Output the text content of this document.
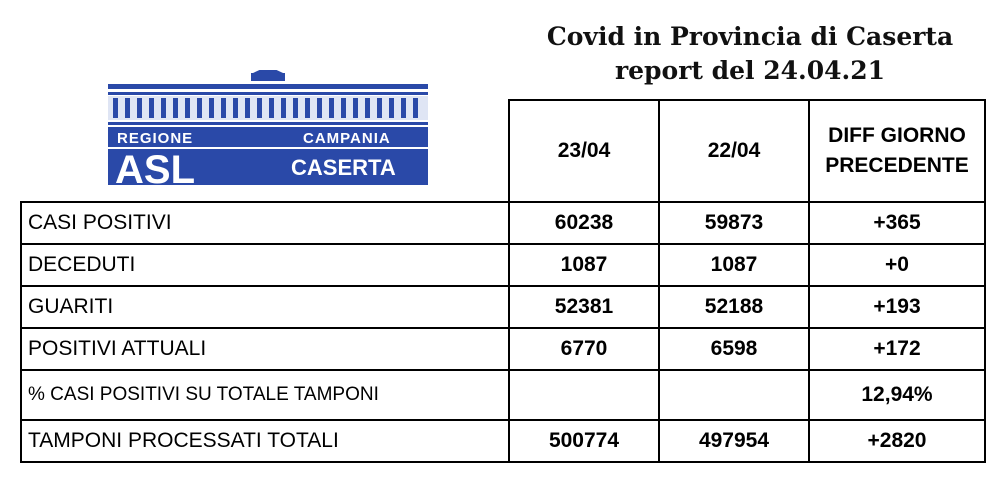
Covid in Provincia di Caserta
report del 24.04.21
REGIONE	CAMPANIA
ASL	CASERTA
	23/04	22/04	DIFF GIORNO
PRECEDENTE

CASI POSITIVI	60238	59873	+365
DECEDUTI	1087	1087	+0
GUARITI	52381	52188	+193
POSITIVI ATTUALI	6770	6598	+172
% CASI POSITIVI SU TOTALE TAMPONI			12,94%
TAMPONI PROCESSATI TOTALI	500774	497954	+2820
